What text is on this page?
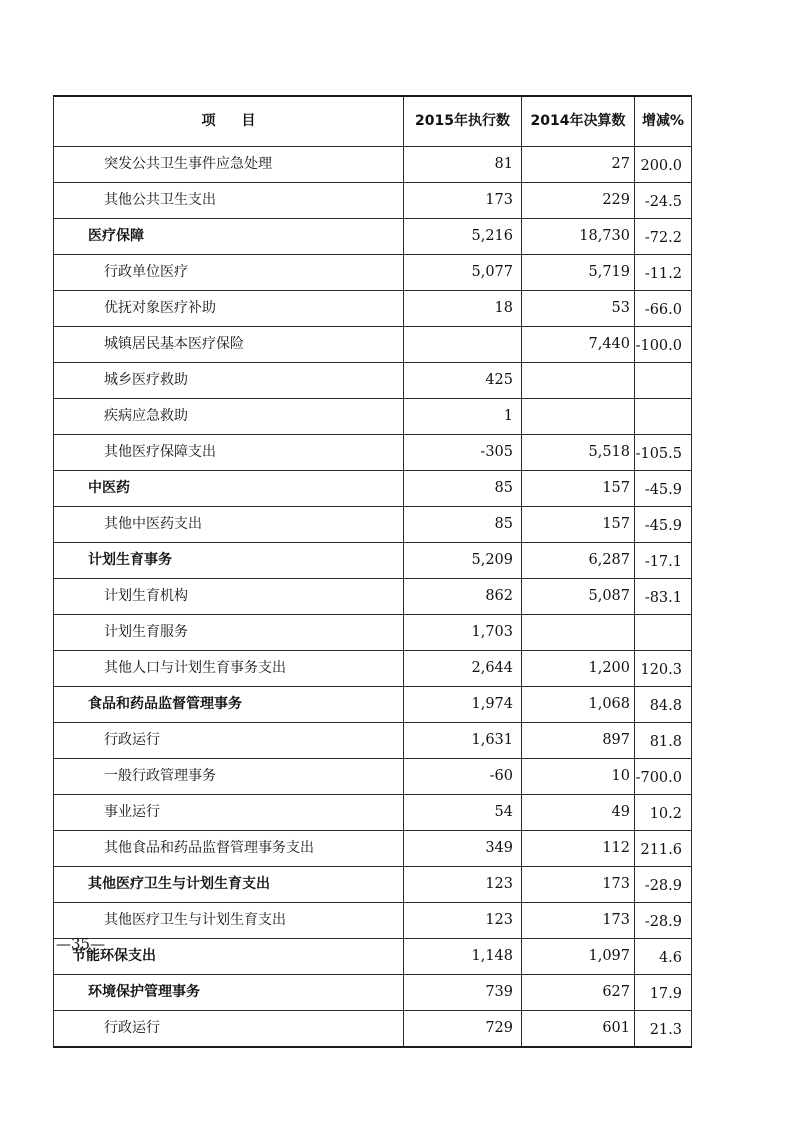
项 目	2015年执行数	2014年决算数	增减%
突发公共卫生事件应急处理	81	27	200.0
其他公共卫生支出	173	229	-24.5
医疗保障	5,216	18,730	-72.2
行政单位医疗	5,077	5,719	-11.2
优抚对象医疗补助	18	53	-66.0
城镇居民基本医疗保险		7,440	-100.0
城乡医疗救助	425		
疾病应急救助	1		
其他医疗保障支出	-305	5,518	-105.5
中医药	85	157	-45.9
其他中医药支出	85	157	-45.9
计划生育事务	5,209	6,287	-17.1
计划生育机构	862	5,087	-83.1
计划生育服务	1,703		
其他人口与计划生育事务支出	2,644	1,200	120.3
食品和药品监督管理事务	1,974	1,068	84.8
行政运行	1,631	897	81.8
一般行政管理事务	-60	10	-700.0
事业运行	54	49	10.2
其他食品和药品监督管理事务支出	349	112	211.6
其他医疗卫生与计划生育支出	123	173	-28.9
其他医疗卫生与计划生育支出	123	173	-28.9
节能环保支出	1,148	1,097	4.6
环境保护管理事务	739	627	17.9
行政运行	729	601	21.3
—35—
